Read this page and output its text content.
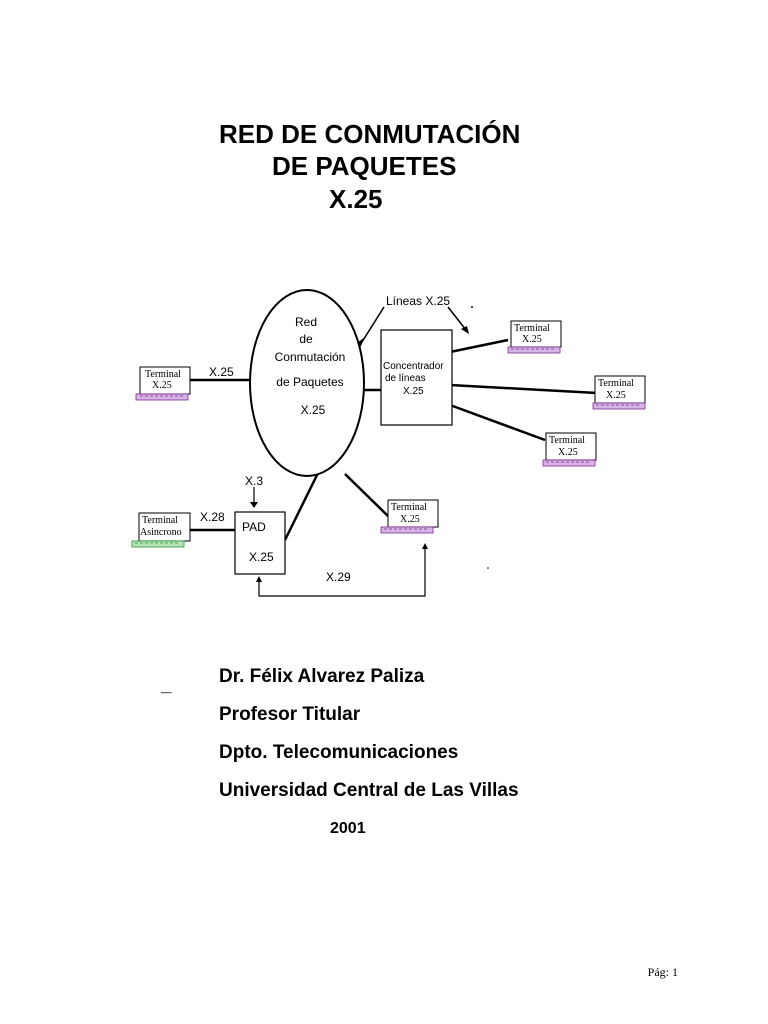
RED DE CONMUTACIÓN
DE PAQUETES
X.25
Red
de
Conmutación
de Paquetes
X.25
Concentrador
de líneas
X.25
Líneas X.25
PAD
X.25
X.25
X.3
X.28
X.29
Terminal
X.25
Terminal
X.25
Terminal
X.25
Terminal
X.25
Terminal
X.25
Terminal
Asincrono
_ Dr. Félix Alvarez Paliza
Profesor Titular
Dpto. Telecomunicaciones
Universidad Central de Las Villas
2001
Pág: 1
